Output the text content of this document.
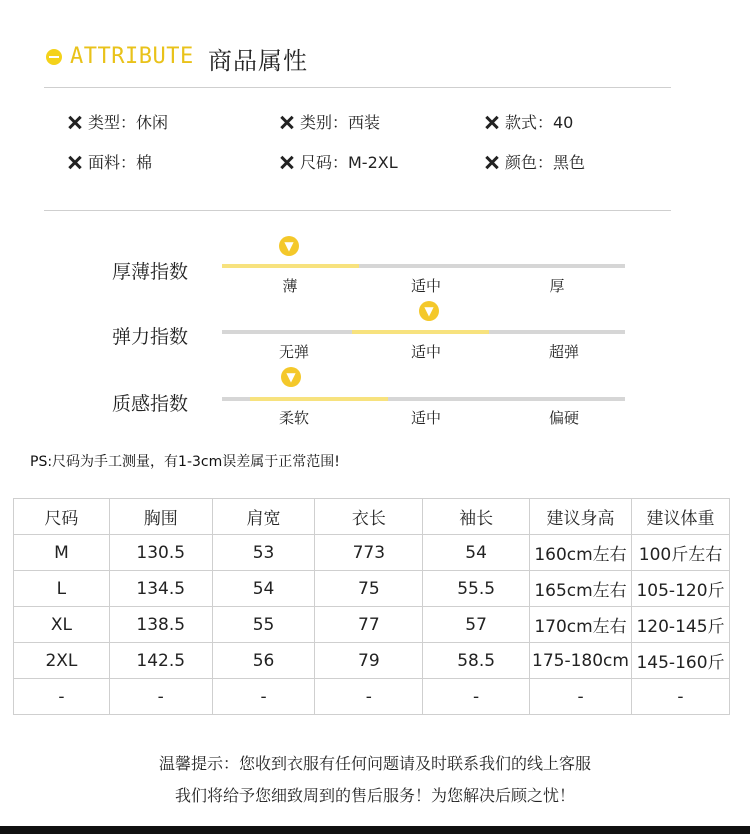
ATTRIBUTE 商品属性
类型：休闲	类别：西装	款式：40
面料：棉	尺码：M-2XL	颜色：黑色
厚薄指数
▼
薄	适中	厚
弹力指数
▼
无弹	适中	超弹
质感指数
▼
柔软	适中	偏硬
PS:尺码为手工测量，有1-3cm误差属于正常范围!
尺码	胸围	肩宽	衣长	袖长	建议身高	建议体重
M	130.5	53	773	54	160cm左右	100斤左右
L	134.5	54	75	55.5	165cm左右	105-120斤
XL	138.5	55	77	57	170cm左右	120-145斤
2XL	142.5	56	79	58.5	175-180cm	145-160斤
-	-	-	-	-	-	-
温馨提示：您收到衣服有任何问题请及时联系我们的线上客服
我们将给予您细致周到的售后服务！为您解决后顾之忧！
